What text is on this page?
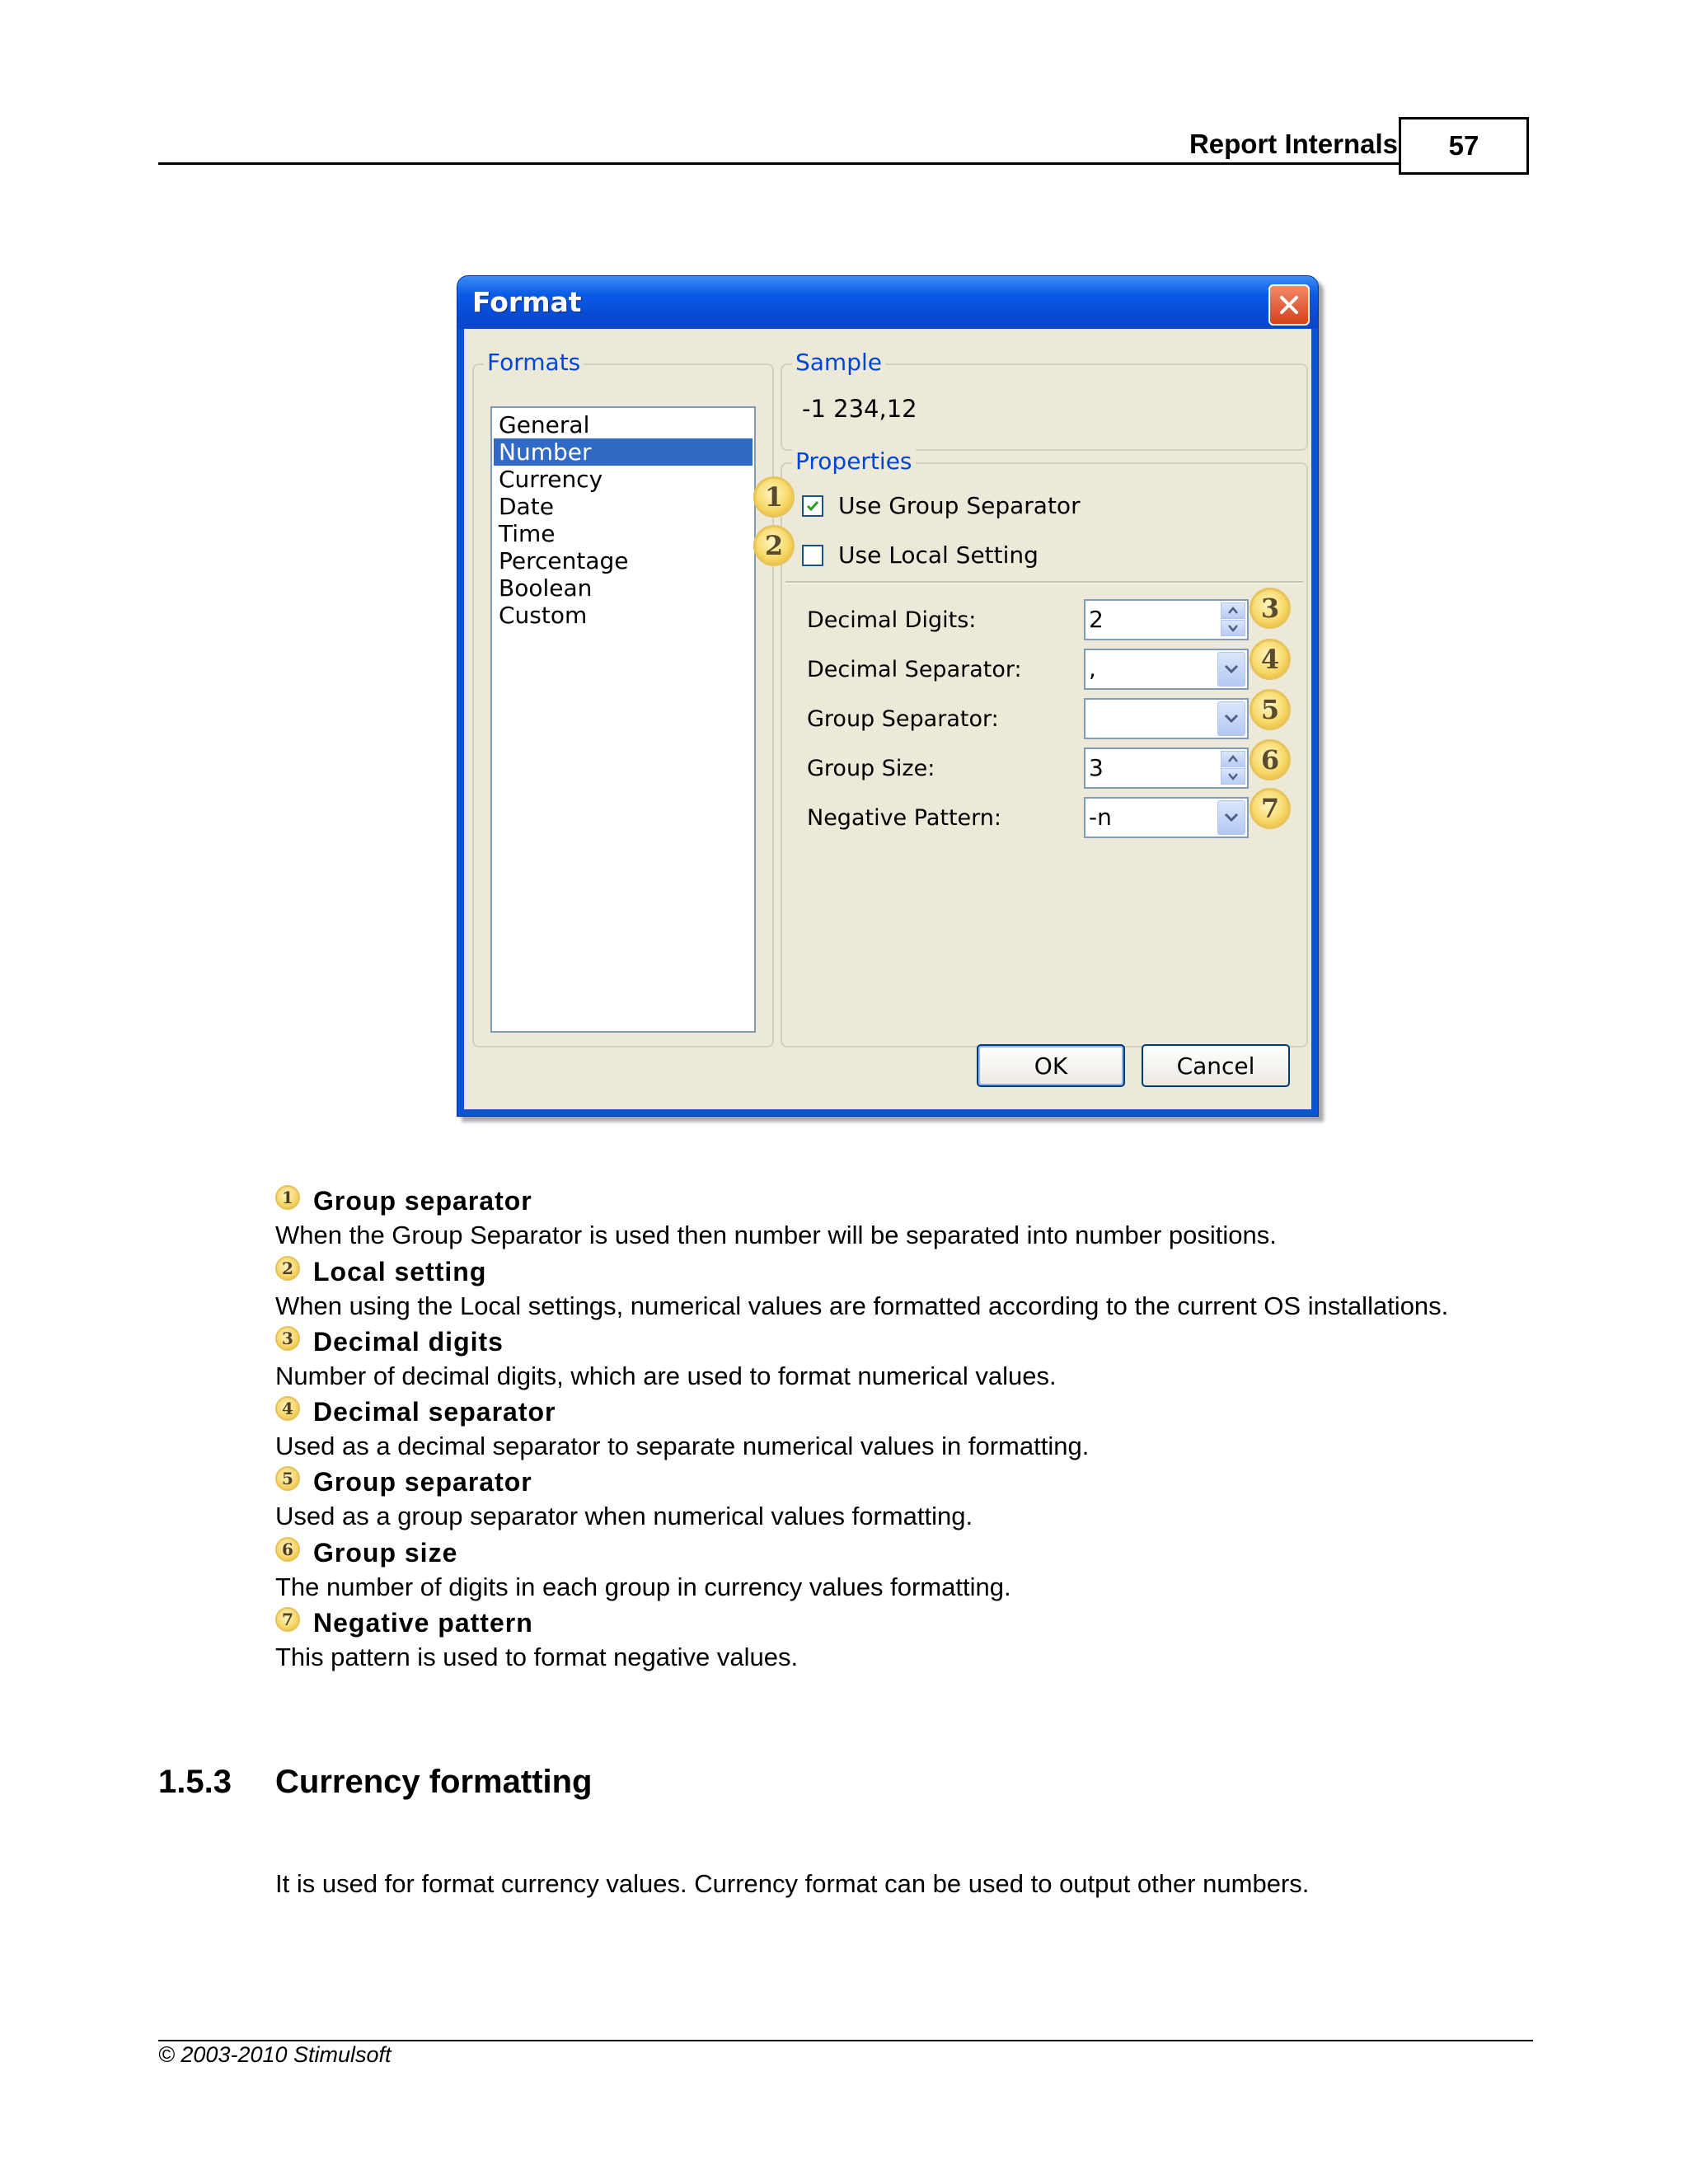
Report Internals	57
Format
Formats
General
Number
Currency
Date
Time
Percentage
Boolean
Custom
Sample
-1 234,12
Properties
Use Group Separator
Use Local Setting
Decimal Digits:	2
Decimal Separator:	,
Group Separator:
Group Size:	3
Negative Pattern:	-n
OK	Cancel
1
2
3
4
5
6
7
1 Group separator
When the Group Separator is used then number will be separated into number positions.
2 Local setting
When using the Local settings, numerical values are formatted according to the current OS installations.
3 Decimal digits
Number of decimal digits, which are used to format numerical values.
4 Decimal separator
Used as a decimal separator to separate numerical values in formatting.
5 Group separator
Used as a group separator when numerical values formatting.
6 Group size
The number of digits in each group in currency values formatting.
7 Negative pattern
This pattern is used to format negative values.
1.5.3 Currency formatting
It is used for format currency values. Currency format can be used to output other numbers.
© 2003-2010 Stimulsoft
